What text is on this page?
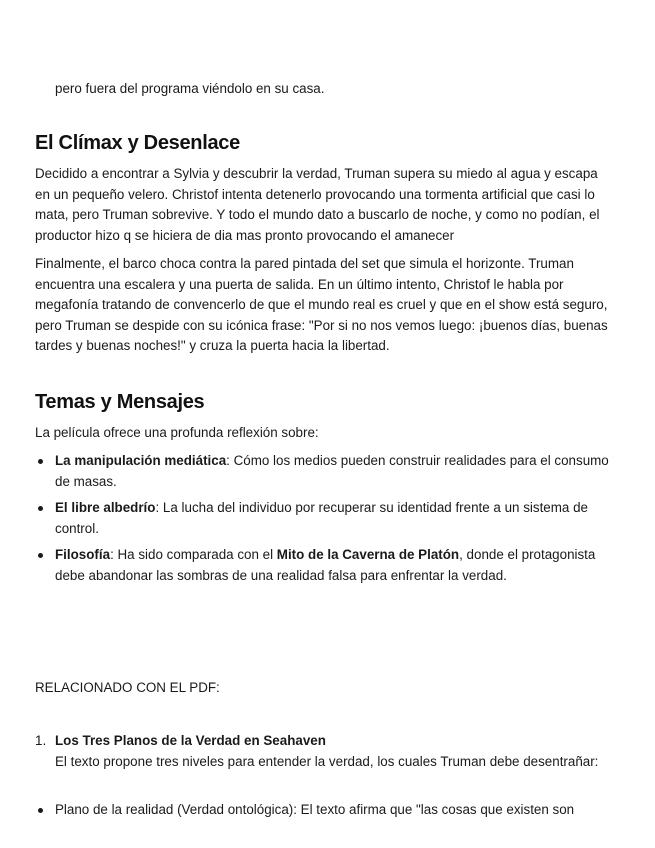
pero fuera del programa viéndolo en su casa.

El Clímax y Desenlace

Decidido a encontrar a Sylvia y descubrir la verdad, Truman supera su miedo al agua y escapa en un pequeño velero. Christof intenta detenerlo provocando una tormenta artificial que casi lo mata, pero Truman sobrevive. Y todo el mundo dato a buscarlo de noche, y como no podían, el productor hizo q se hiciera de dia mas pronto provocando el amanecer

Finalmente, el barco choca contra la pared pintada del set que simula el horizonte. Truman encuentra una escalera y una puerta de salida. En un último intento, Christof le habla por megafonía tratando de convencerlo de que el mundo real es cruel y que en el show está seguro, pero Truman se despide con su icónica frase: "Por si no nos vemos luego: ¡buenos días, buenas tardes y buenas noches!" y cruza la puerta hacia la libertad.

Temas y Mensajes

La película ofrece una profunda reflexión sobre:

La manipulación mediática: Cómo los medios pueden construir realidades para el consumo de masas.

El libre albedrío: La lucha del individuo por recuperar su identidad frente a un sistema de control.

Filosofía: Ha sido comparada con el Mito de la Caverna de Platón, donde el protagonista debe abandonar las sombras de una realidad falsa para enfrentar la verdad.

RELACIONADO CON EL PDF:

1. Los Tres Planos de la Verdad en Seahaven
El texto propone tres niveles para entender la verdad, los cuales Truman debe desentrañar:

Plano de la realidad (Verdad ontológica): El texto afirma que "las cosas que existen son
